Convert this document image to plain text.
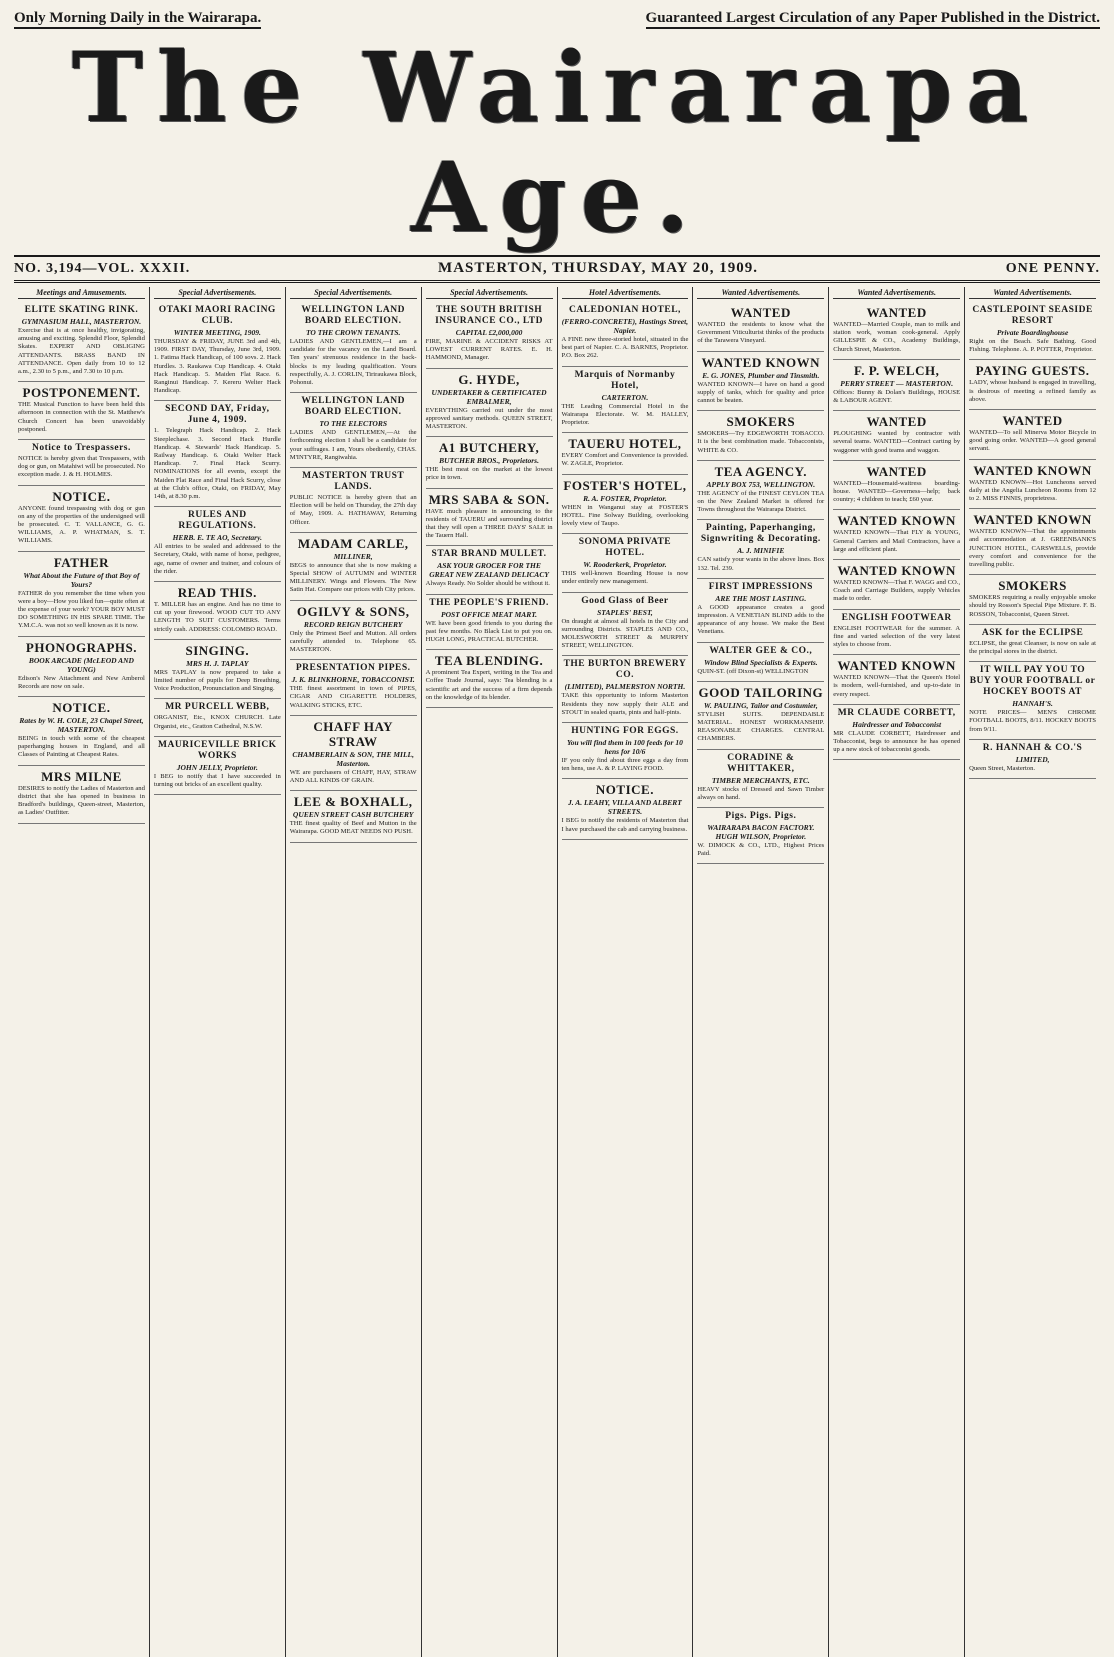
Only Morning Daily in the Wairarapa.	Guaranteed Largest Circulation of any Paper Published in the District.
The Wairarapa Age.
NO. 3,194—VOL. XXXII.	MASTERTON, THURSDAY, MAY 20, 1909.	ONE PENNY.
Meetings and Amusements.
ELITE SKATING RINK.
GYMNASIUM HALL, MASTERTON.

Exercise that is at once healthy, invigorating, amusing and exciting. Splendid Floor, Splendid Skates. EXPERT AND OBLIGING ATTENDANTS. BRASS BAND IN ATTENDANCE. Open daily from 10 to 12 a.m., 2.30 to 5 p.m., and 7.30 to 10 p.m.

POSTPONEMENT.

THE Musical Function to have been held this afternoon in connection with the St. Matthew's Church Concert has been unavoidably postponed.

Notice to Trespassers.

NOTICE is hereby given that Trespassers, with dog or gun, on Matahiwi will be prosecuted. No exception made. J. & H. HOLMES.

NOTICE.

ANYONE found trespassing with dog or gun on any of the properties of the undersigned will be prosecuted. C. T. VALLANCE, G. G. WILLIAMS, A. P. WHATMAN, S. T. WILLIAMS.

FATHER
What About the Future of that Boy of Yours?

FATHER do you remember the time when you were a boy—How you liked fun—quite often at the expense of your work? YOUR BOY MUST DO SOMETHING IN HIS SPARE TIME. The Y.M.C.A. was not so well known as it is now.

PHONOGRAPHS.
BOOK ARCADE (McLEOD AND YOUNG)

Edison's New Attachment and New Amberol Records are now on sale.

NOTICE.
Rates by W. H. COLE, 23 Chapel Street, MASTERTON.

BEING in touch with some of the cheapest paperhanging houses in England, and all Classes of Painting at Cheapest Rates.

MRS MILNE

DESIRES to notify the Ladies of Masterton and district that she has opened in business in Bradford's buildings, Queen-street, Masterton, as Ladies' Outfitter.

Special Advertisements.
OTAKI MAORI RACING CLUB.
WINTER MEETING, 1909.

THURSDAY & FRIDAY, JUNE 3rd and 4th, 1909. FIRST DAY, Thursday, June 3rd, 1909. 1. Fatima Hack Handicap, of 100 sovs. 2. Hack Hurdles. 3. Raukawa Cup Handicap. 4. Otaki Hack Handicap. 5. Maiden Flat Race. 6. Ranginui Handicap. 7. Kereru Welter Hack Handicap.

SECOND DAY, Friday, June 4, 1909.

1. Telegraph Hack Handicap. 2. Hack Steeplechase. 3. Second Hack Hurdle Handicap. 4. Stewards' Hack Handicap. 5. Railway Handicap. 6. Otaki Welter Hack Handicap. 7. Final Hack Scurry. NOMINATIONS for all events, except the Maiden Flat Race and Final Hack Scurry, close at the Club's office, Otaki, on FRIDAY, May 14th, at 8.30 p.m.

RULES AND REGULATIONS.
HERB. E. TE AO, Secretary.

All entries to be sealed and addressed to the Secretary, Otaki, with name of horse, pedigree, age, name of owner and trainer, and colours of the rider.

READ THIS.

T. MILLER has an engine. And has no time to cut up your firewood. WOOD CUT TO ANY LENGTH TO SUIT CUSTOMERS. Terms strictly cash. ADDRESS: COLOMBO ROAD.

SINGING.
MRS H. J. TAPLAY

MRS TAPLAY is now prepared to take a limited number of pupils for Deep Breathing, Voice Production, Pronunciation and Singing.

MR PURCELL WEBB,

ORGANIST, Etc., KNOX CHURCH. Late Organist, etc., Gratton Cathedral, N.S.W.

MAURICEVILLE BRICK WORKS
JOHN JELLY, Proprietor.

I BEG to notify that I have succeeded in turning out bricks of an excellent quality.

Special Advertisements.
WELLINGTON LAND BOARD ELECTION.
TO THE CROWN TENANTS.

LADIES AND GENTLEMEN,—I am a candidate for the vacancy on the Land Board. Ten years' strenuous residence in the back-blocks is my leading qualification. Yours respectfully, A. J. CORLIN, Tiriraukawa Block, Pohonui.

WELLINGTON LAND BOARD ELECTION.
TO THE ELECTORS

LADIES AND GENTLEMEN,—At the forthcoming election I shall be a candidate for your suffrages. I am, Yours obediently, CHAS. M'INTYRE, Rangiwahia.

MASTERTON TRUST LANDS.

PUBLIC NOTICE is hereby given that an Election will be held on Thursday, the 27th day of May, 1909. A. HATHAWAY, Returning Officer.

MADAM CARLE,
MILLINER,

BEGS to announce that she is now making a Special SHOW of AUTUMN and WINTER MILLINERY. Wings and Flowers. The New Satin Hat. Compare our prices with City prices.

OGILVY & SONS,
RECORD REIGN BUTCHERY

Only the Primest Beef and Mutton. All orders carefully attended to. Telephone 65. MASTERTON.

PRESENTATION PIPES.
J. K. BLINKHORNE, TOBACCONIST.

THE finest assortment in town of PIPES, CIGAR AND CIGARETTE HOLDERS, WALKING STICKS, ETC.

CHAFF HAY STRAW
CHAMBERLAIN & SON, THE MILL, Masterton.

WE are purchasers of CHAFF, HAY, STRAW AND ALL KINDS OF GRAIN.

LEE & BOXHALL,
QUEEN STREET CASH BUTCHERY

THE finest quality of Beef and Mutton in the Wairarapa. GOOD MEAT NEEDS NO PUSH.

Special Advertisements.
THE SOUTH BRITISH INSURANCE CO., LTD
CAPITAL £2,000,000

FIRE, MARINE & ACCIDENT RISKS AT LOWEST CURRENT RATES. E. H. HAMMOND, Manager.

G. HYDE,
UNDERTAKER & CERTIFICATED EMBALMER,

EVERYTHING carried out under the most approved sanitary methods. QUEEN STREET, MASTERTON.

A1 BUTCHERY,
BUTCHER BROS., Proprietors.

THE best meat on the market at the lowest price in town.

MRS SABA & SON.

HAVE much pleasure in announcing to the residents of TAUERU and surrounding district that they will open a THREE DAYS' SALE in the Tauern Hall.

STAR BRAND MULLET.
ASK YOUR GROCER FOR THE GREAT NEW ZEALAND DELICACY

Always Ready. No Solder should be without it.

THE PEOPLE'S FRIEND.
POST OFFICE MEAT MART.

WE have been good friends to you during the past few months. No Black List to put you on. HUGH LONG, PRACTICAL BUTCHER.

TEA BLENDING.

A prominent Tea Expert, writing in the Tea and Coffee Trade Journal, says: Tea blending is a scientific art and the success of a firm depends on the knowledge of its blender.

Hotel Advertisements.
CALEDONIAN HOTEL,
(FERRO-CONCRETE), Hastings Street, Napier.

A FINE new three-storied hotel, situated in the best part of Napier. C. A. BARNES, Proprietor. P.O. Box 262.

Marquis of Normanby Hotel,
CARTERTON.

THE Leading Commercial Hotel in the Wairarapa Electorate. W. M. HALLEY, Proprietor.

TAUERU HOTEL,

EVERY Comfort and Convenience is provided. W. ZAGLE, Proprietor.

FOSTER'S HOTEL,
R. A. FOSTER, Proprietor.

WHEN in Wanganui stay at FOSTER'S HOTEL. Fine Solway Building, overlooking lovely view of Taupo.

SONOMA PRIVATE HOTEL.
W. Rooderkerk, Proprietor.

THIS well-known Boarding House is now under entirely new management.

Good Glass of Beer
STAPLES' BEST,

On draught at almost all hotels in the City and surrounding Districts. STAPLES AND CO., MOLESWORTH STREET & MURPHY STREET, WELLINGTON.

THE BURTON BREWERY CO.
(LIMITED), PALMERSTON NORTH.

TAKE this opportunity to inform Masterton Residents they now supply their ALE and STOUT in sealed quarts, pints and half-pints.

HUNTING FOR EGGS.
You will find them in 100 feeds for 10 hens for 10/6

IF you only find about three eggs a day from ten hens, use A. & P. LAYING FOOD.

NOTICE.
J. A. LEAHY, VILLA AND ALBERT STREETS.

I BEG to notify the residents of Masterton that I have purchased the cab and carrying business.

Wanted Advertisements.
WANTED

WANTED the residents to know what the Government Viticulturist thinks of the products of the Tarawera Vineyard.

WANTED KNOWN
E. G. JONES, Plumber and Tinsmith.

WANTED KNOWN—I have on hand a good supply of tanks, which for quality and price cannot be beaten.

SMOKERS

SMOKERS—Try EDGEWORTH TOBACCO. It is the best combination made. Tobacconists, WHITE & CO.

TEA AGENCY.
APPLY BOX 753, WELLINGTON.

THE AGENCY of the FINEST CEYLON TEA on the New Zealand Market is offered for Towns throughout the Wairarapa District.

Painting, Paperhanging, Signwriting & Decorating.
A. J. MINIFIE

CAN satisfy your wants in the above lines. Box 132. Tel. 239.

FIRST IMPRESSIONS
ARE THE MOST LASTING.

A GOOD appearance creates a good impression. A VENETIAN BLIND adds to the appearance of any house. We make the Best Venetians.

WALTER GEE & CO.,
Window Blind Specialists & Experts.

QUIN-ST. (off Dixon-st) WELLINGTON

GOOD TAILORING
W. PAULING, Tailor and Costumier,

STYLISH SUITS. DEPENDABLE MATERIAL. HONEST WORKMANSHIP. REASONABLE CHARGES. CENTRAL CHAMBERS.

CORADINE & WHITTAKER,
TIMBER MERCHANTS, ETC.

HEAVY stocks of Dressed and Sawn Timber always on hand.

Pigs. Pigs. Pigs.
WAIRARAPA BACON FACTORY. HUGH WILSON, Proprietor.

W. DIMOCK & CO., LTD., Highest Prices Paid.

Wanted Advertisements.
WANTED

WANTED—Married Couple, man to milk and station work, woman cook-general. Apply GILLESPIE & CO., Academy Buildings, Church Street, Masterton.

F. P. WELCH,
PERRY STREET — MASTERTON.

Offices: Bunny & Dolan's Buildings, HOUSE & LABOUR AGENT.

WANTED

PLOUGHING wanted by contractor with several teams. WANTED—Contract carting by waggoner with good teams and waggon.

WANTED

WANTED—Housemaid-waitress boarding-house. WANTED—Governess—help; back country; 4 children to teach; £60 year.

WANTED KNOWN

WANTED KNOWN—That FLY & YOUNG, General Carriers and Mail Contractors, have a large and efficient plant.

WANTED KNOWN

WANTED KNOWN—That F. WAGG and CO., Coach and Carriage Builders, supply Vehicles made to order.

ENGLISH FOOTWEAR

ENGLISH FOOTWEAR for the summer. A fine and varied selection of the very latest styles to choose from.

WANTED KNOWN

WANTED KNOWN—That the Queen's Hotel is modern, well-furnished, and up-to-date in every respect.

MR CLAUDE CORBETT,
Hairdresser and Tobacconist

MR CLAUDE CORBETT, Hairdresser and Tobacconist, begs to announce he has opened up a new stock of tobacconist goods.

Wanted Advertisements.
CASTLEPOINT SEASIDE RESORT
Private Boardinghouse

Right on the Beach. Safe Bathing. Good Fishing. Telephone. A. P. POTTER, Proprietor.

PAYING GUESTS.

LADY, whose husband is engaged in travelling, is desirous of meeting a refined family as above.

WANTED

WANTED—To sell Minerva Motor Bicycle in good going order. WANTED—A good general servant.

WANTED KNOWN

WANTED KNOWN—Hot Luncheons served daily at the Angelia Luncheon Rooms from 12 to 2. MISS FINNIS, proprietress.

WANTED KNOWN

WANTED KNOWN—That the appointments and accommodation at J. GREENBANK'S JUNCTION HOTEL, CARSWELLS, provide every comfort and convenience for the travelling public.

SMOKERS

SMOKERS requiring a really enjoyable smoke should try Rosson's Special Pipe Mixture. F. B. ROSSON, Tobacconist, Queen Street.

ASK for the ECLIPSE

ECLIPSE, the great Cleanser, is now on sale at the principal stores in the district.

IT WILL PAY YOU TO BUY YOUR FOOTBALL or HOCKEY BOOTS AT
HANNAH'S.

NOTE PRICES— MEN'S CHROME FOOTBALL BOOTS, 8/11. HOCKEY BOOTS from 9/11.

R. HANNAH & CO.'S
LIMITED,

Queen Street, Masterton.
